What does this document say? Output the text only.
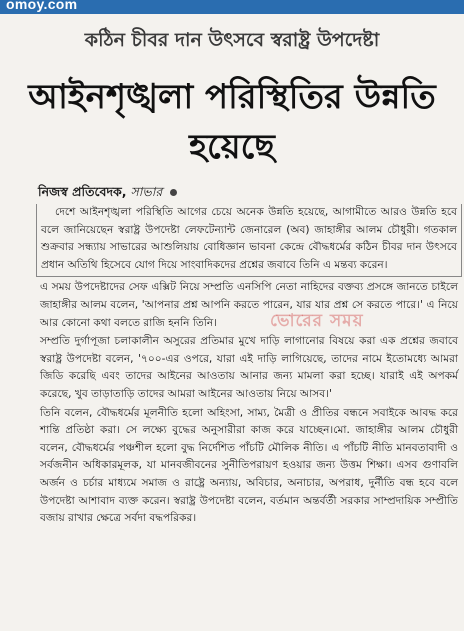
omoy.com
কঠিন চীবর দান উৎসবে স্বরাষ্ট্র উপদেষ্টা
আইনশৃঙ্খলা পরিস্থিতির উন্নতি হয়েছে
নিজস্ব প্রতিবেদক, সাভার

দেশে আইনশৃঙ্খলা পরিস্থিতি আগের চেয়ে অনেক উন্নতি হয়েছে, আগামীতে আরও উন্নতি হবে বলে জানিয়েছেন স্বরাষ্ট্র উপদেষ্টা লেফটেন্যান্ট জেনারেল (অব) জাহাঙ্গীর আলম চৌধুরী। গতকাল শুক্রবার সন্ধ্যায় সাভারের আশুলিয়ায় বোধিজ্ঞান ভাবনা কেন্দ্রে বৌদ্ধধর্মের কঠিন চীবর দান উৎসবে প্রধান অতিথি হিসেবে যোগ দিয়ে সাংবাদিকদের প্রশ্নের জবাবে তিনি এ মন্তব্য করেন।

এ সময় উপদেষ্টাদের সেফ এক্সিট নিয়ে সম্প্রতি এনসিপি নেতা নাহিদের বক্তব্য প্রসঙ্গে জানতে চাইলে জাহাঙ্গীর আলম বলেন, 'আপনার প্রশ্ন আপনি করতে পারেন, যার যার প্রশ্ন সে করতে পারে।' এ নিয়ে আর কোনো কথা বলতে রাজি হননি তিনি।

সম্প্রতি দুর্গাপূজা চলাকালীন অসুরের প্রতিমার মুখে দাড়ি লাগানোর বিষয়ে করা এক প্রশ্নের জবাবে স্বরাষ্ট্র উপদেষ্টা বলেন, '৭০০-এর ওপরে, যারা এই দাড়ি লাগিয়েছে, তাদের নামে ইতোমধ্যে আমরা জিডি করেছি এবং তাদের আইনের আওতায় আনার জন্য মামলা করা হচ্ছে। যারাই এই অপকর্ম করেছে, খুব তাড়াতাড়ি তাদের আমরা আইনের আওতায় নিয়ে আসব।'

তিনি বলেন, বৌদ্ধধর্মের মূলনীতি হলো অহিংসা, সাম্য, মৈত্রী ও প্রীতির বন্ধনে সবাইকে আবদ্ধ করে শান্তি প্রতিষ্ঠা করা। সে লক্ষ্যে বুদ্ধের অনুসারীরা কাজ করে যাচ্ছেন।মো. জাহাঙ্গীর আলম চৌধুরী বলেন, বৌদ্ধধর্মের পঞ্চশীল হলো বুদ্ধ নির্দেশিত পাঁচটি মৌলিক নীতি। এ পাঁচটি নীতি মানবতাবাদী ও সর্বজনীন অধিকারমূলক, যা মানবজীবনের সুনীতিপরায়ণ হওয়ার জন্য উত্তম শিক্ষা। এসব গুণাবলি অর্জন ও চর্চার মাধ্যমে সমাজ ও রাষ্ট্রে অন্যায়, অবিচার, অনাচার, অপরাধ, দুর্নীতি বন্ধ হবে বলে উপদেষ্টা আশাবাদ ব্যক্ত করেন। স্বরাষ্ট্র উপদেষ্টা বলেন, বর্তমান অন্তর্বর্তী সরকার সাম্প্রদায়িক সম্প্রীতি বজায় রাখার ক্ষেত্রে সর্বদা বদ্ধপরিকর।

ভোরের সময়
